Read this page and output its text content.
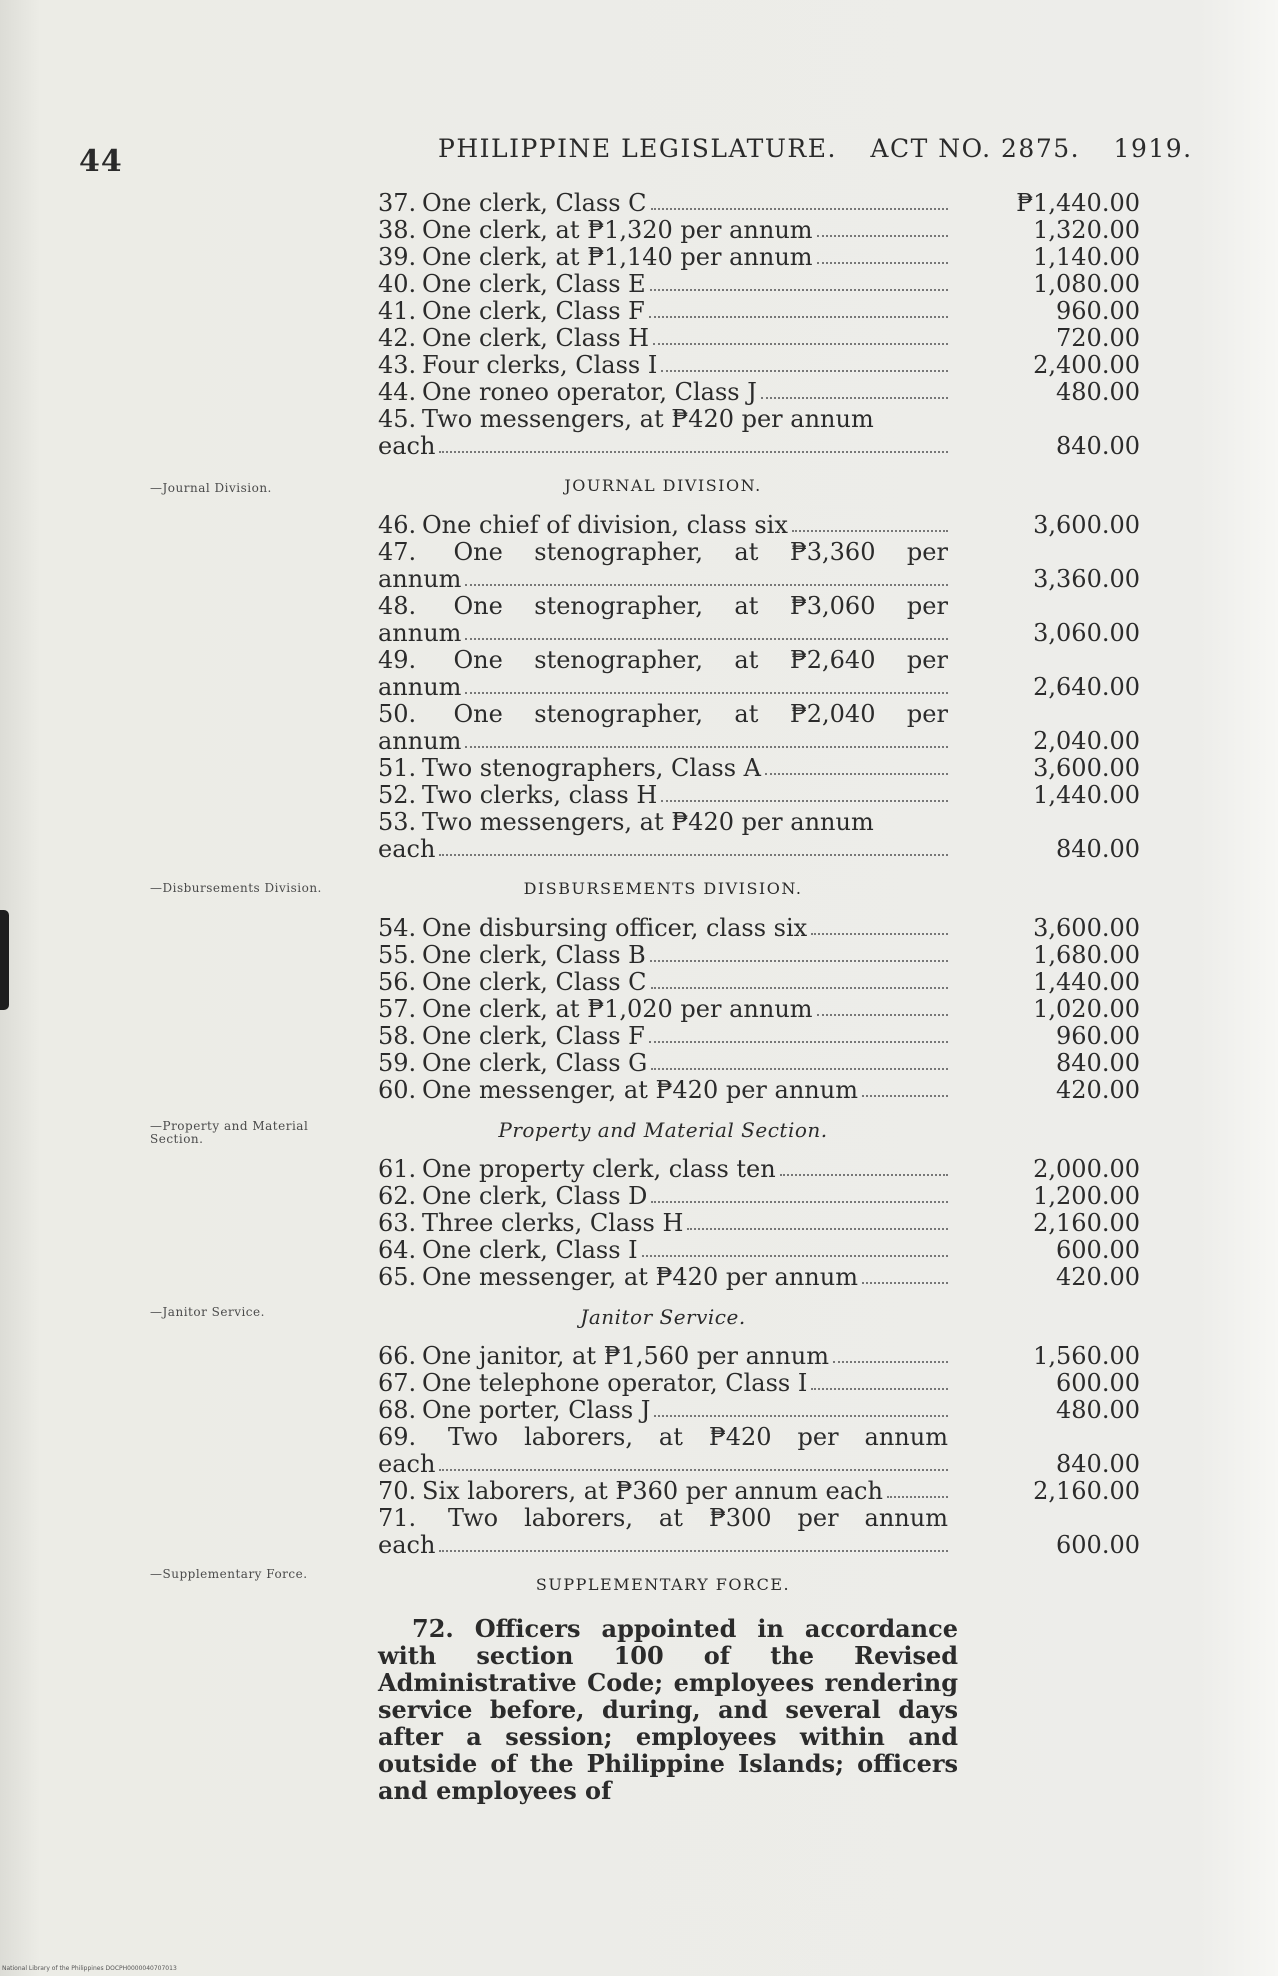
44	PHILIPPINE LEGISLATURE. ACT NO. 2875. 1919.
—Journal Division.
—Disbursements Division.
—Property and Material Section.
—Janitor Service.
—Supplementary Force.
37. One clerk, Class C	₱1,440.00
38. One clerk, at ₱1,320 per annum	1,320.00
39. One clerk, at ₱1,140 per annum	1,140.00
40. One clerk, Class E	1,080.00
41. One clerk, Class F	960.00
42. One clerk, Class H	720.00
43. Four clerks, Class I	2,400.00
44. One roneo operator, Class J	480.00
45. Two messengers, at ₱420 per annum
each	840.00
JOURNAL DIVISION.
46. One chief of division, class six	3,600.00
47. One stenographer, at ₱3,360 per
annum	3,360.00
48. One stenographer, at ₱3,060 per
annum	3,060.00
49. One stenographer, at ₱2,640 per
annum	2,640.00
50. One stenographer, at ₱2,040 per
annum	2,040.00
51. Two stenographers, Class A	3,600.00
52. Two clerks, class H	1,440.00
53. Two messengers, at ₱420 per annum
each	840.00
DISBURSEMENTS DIVISION.
54. One disbursing officer, class six	3,600.00
55. One clerk, Class B	1,680.00
56. One clerk, Class C	1,440.00
57. One clerk, at ₱1,020 per annum	1,020.00
58. One clerk, Class F	960.00
59. One clerk, Class G	840.00
60. One messenger, at ₱420 per annum	420.00
Property and Material Section.
61. One property clerk, class ten	2,000.00
62. One clerk, Class D	1,200.00
63. Three clerks, Class H	2,160.00
64. One clerk, Class I	600.00
65. One messenger, at ₱420 per annum	420.00
Janitor Service.
66. One janitor, at ₱1,560 per annum	1,560.00
67. One telephone operator, Class I	600.00
68. One porter, Class J	480.00
69. Two laborers, at ₱420 per annum
each	840.00
70. Six laborers, at ₱360 per annum each	2,160.00
71. Two laborers, at ₱300 per annum
each	600.00
SUPPLEMENTARY FORCE.
72. Officers appointed in accordance with section 100 of the Revised Administrative Code; employees rendering service before, during, and several days after a session; employees within and outside of the Philippine Islands; officers and employees of
National Library of the Philippines DOCPH0000040707013
